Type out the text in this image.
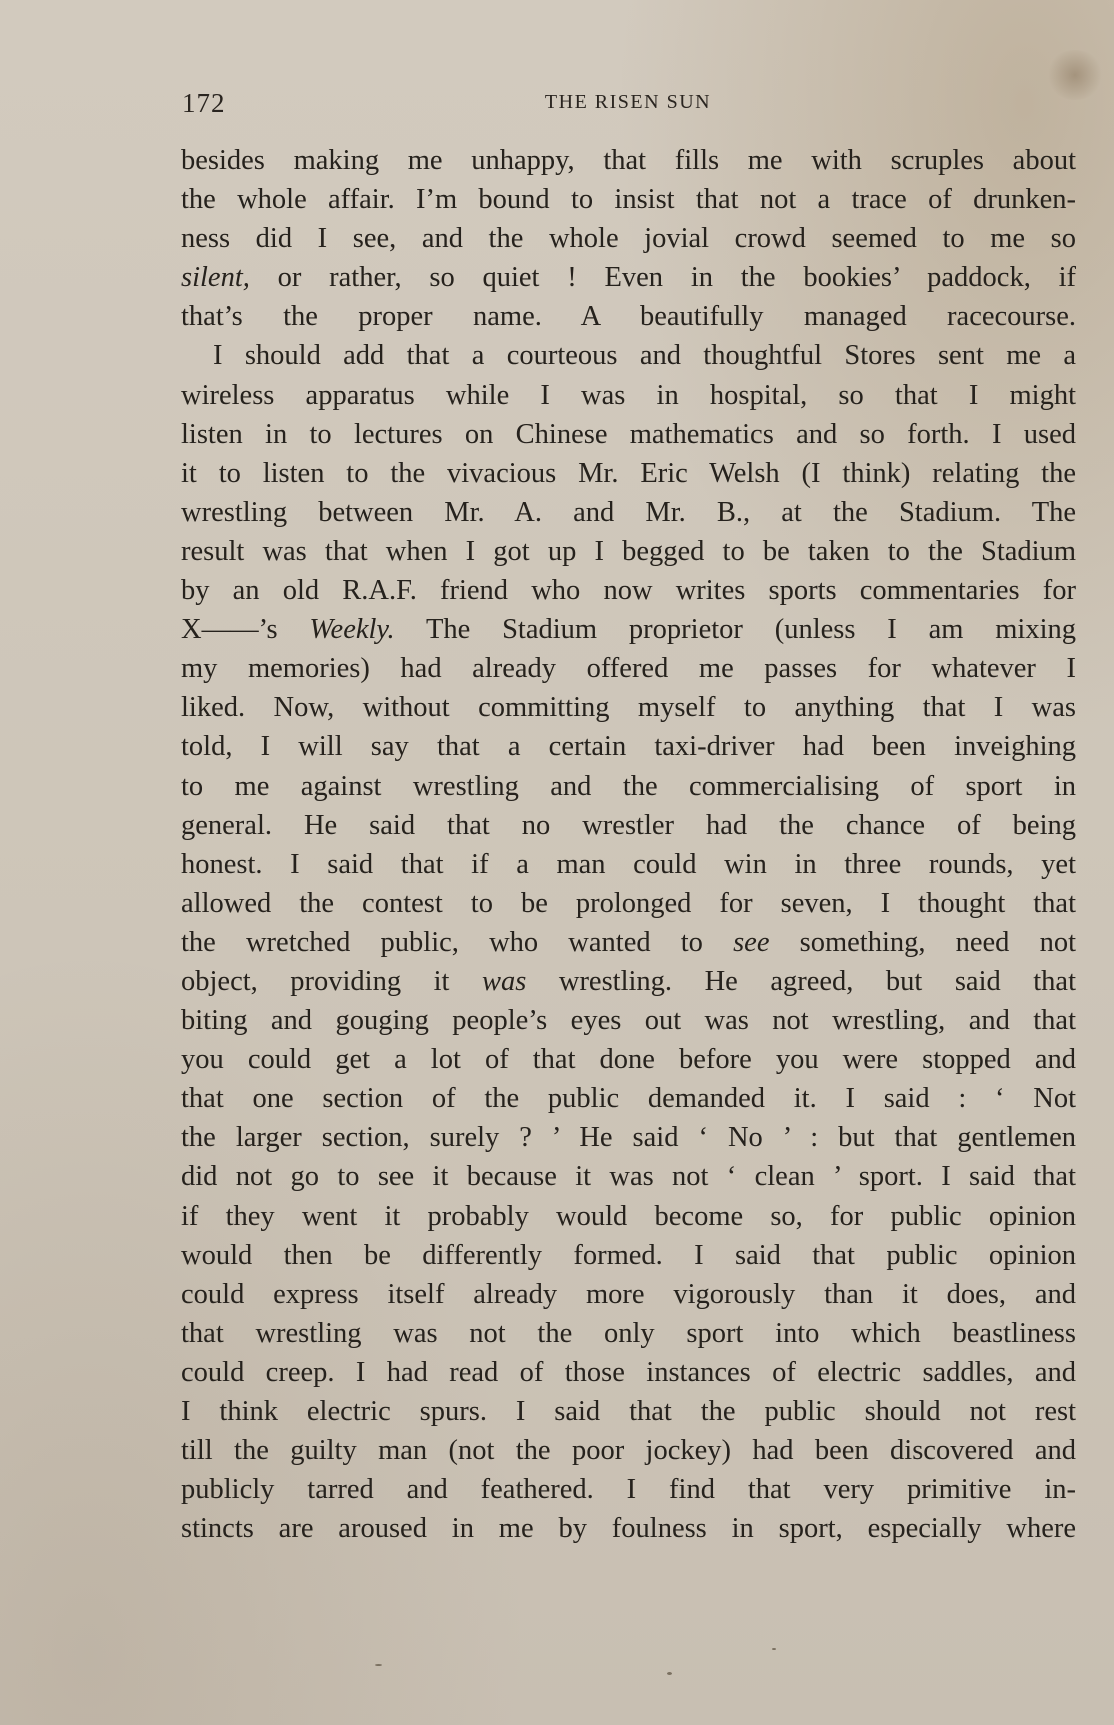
172	THE RISEN SUN
besides making me unhappy, that fills me with scruples about
the whole affair. I’m bound to insist that not a trace of drunken-
ness did I see, and the whole jovial crowd seemed to me so
silent, or rather, so quiet ! Even in the bookies’ paddock, if
that’s the proper name. A beautifully managed racecourse.
I should add that a courteous and thoughtful Stores sent me a
wireless apparatus while I was in hospital, so that I might
listen in to lectures on Chinese mathematics and so forth. I used
it to listen to the vivacious Mr. Eric Welsh (I think) relating the
wrestling between Mr. A. and Mr. B., at the Stadium. The
result was that when I got up I begged to be taken to the Stadium
by an old R.A.F. friend who now writes sports commentaries for
X——’s Weekly. The Stadium proprietor (unless I am mixing
my memories) had already offered me passes for whatever I
liked. Now, without committing myself to anything that I was
told, I will say that a certain taxi-driver had been inveighing
to me against wrestling and the commercialising of sport in
general. He said that no wrestler had the chance of being
honest. I said that if a man could win in three rounds, yet
allowed the contest to be prolonged for seven, I thought that
the wretched public, who wanted to see something, need not
object, providing it was wrestling. He agreed, but said that
biting and gouging people’s eyes out was not wrestling, and that
you could get a lot of that done before you were stopped and
that one section of the public demanded it. I said : ‘ Not
the larger section, surely ? ’ He said ‘ No ’ : but that gentlemen
did not go to see it because it was not ‘ clean ’ sport. I said that
if they went it probably would become so, for public opinion
would then be differently formed. I said that public opinion
could express itself already more vigorously than it does, and
that wrestling was not the only sport into which beastliness
could creep. I had read of those instances of electric saddles, and
I think electric spurs. I said that the public should not rest
till the guilty man (not the poor jockey) had been discovered and
publicly tarred and feathered. I find that very primitive in-
stincts are aroused in me by foulness in sport, especially where
